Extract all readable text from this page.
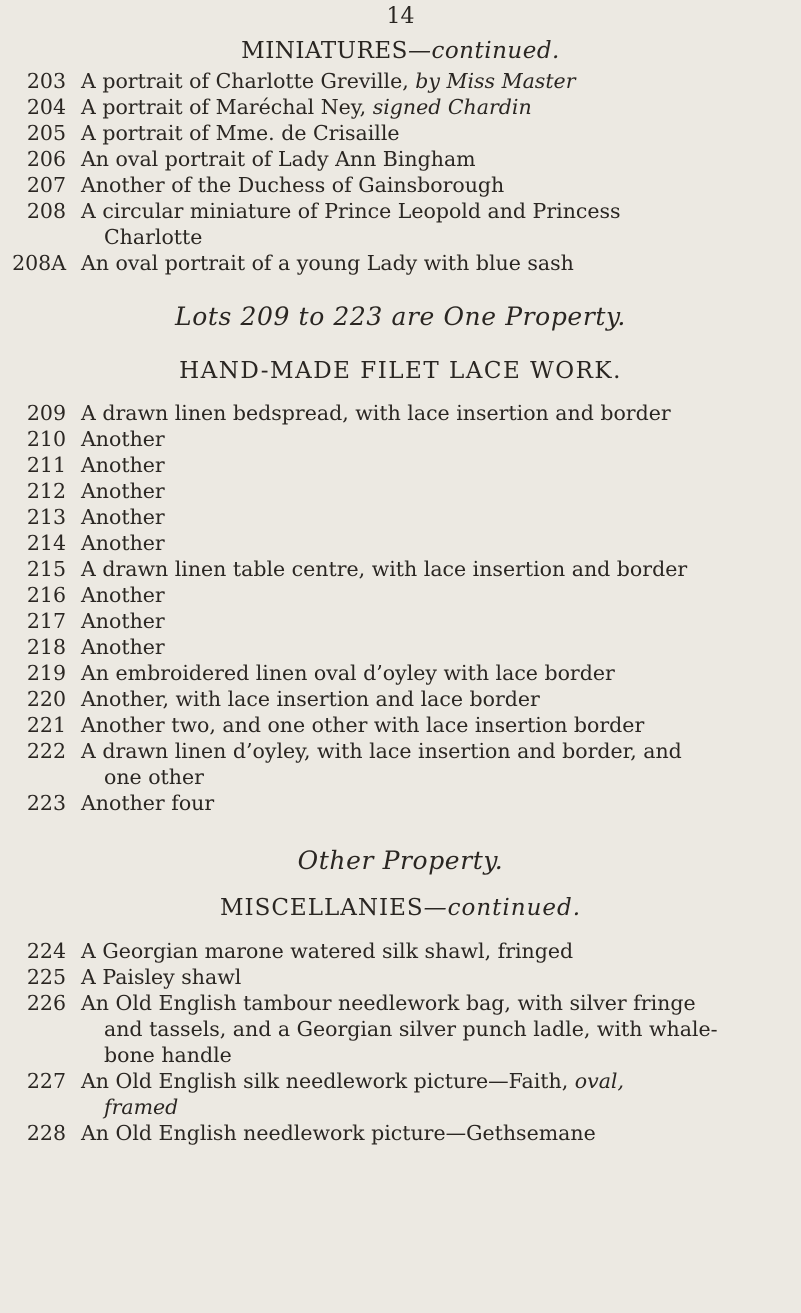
14
MINIATURES—continued.
203 A portrait of Charlotte Greville, by Miss Master
204 A portrait of Maréchal Ney, signed Chardin
205 A portrait of Mme. de Crisaille
206 An oval portrait of Lady Ann Bingham
207 Another of the Duchess of Gainsborough
208 A circular miniature of Prince Leopold and Princess
Charlotte
208A An oval portrait of a young Lady with blue sash
Lots 209 to 223 are One Property.
HAND-MADE FILET LACE WORK.
209 A drawn linen bedspread, with lace insertion and border
210 Another
211 Another
212 Another
213 Another
214 Another
215 A drawn linen table centre, with lace insertion and border
216 Another
217 Another
218 Another
219 An embroidered linen oval d’oyley with lace border
220 Another, with lace insertion and lace border
221 Another two, and one other with lace insertion border
222 A drawn linen d’oyley, with lace insertion and border, and
one other
223 Another four
Other Property.
MISCELLANIES—continued.
224 A Georgian marone watered silk shawl, fringed
225 A Paisley shawl
226 An Old English tambour needlework bag, with silver fringe
and tassels, and a Georgian silver punch ladle, with whale-
bone handle
227 An Old English silk needlework picture—Faith, oval,
framed
228 An Old English needlework picture—Gethsemane
